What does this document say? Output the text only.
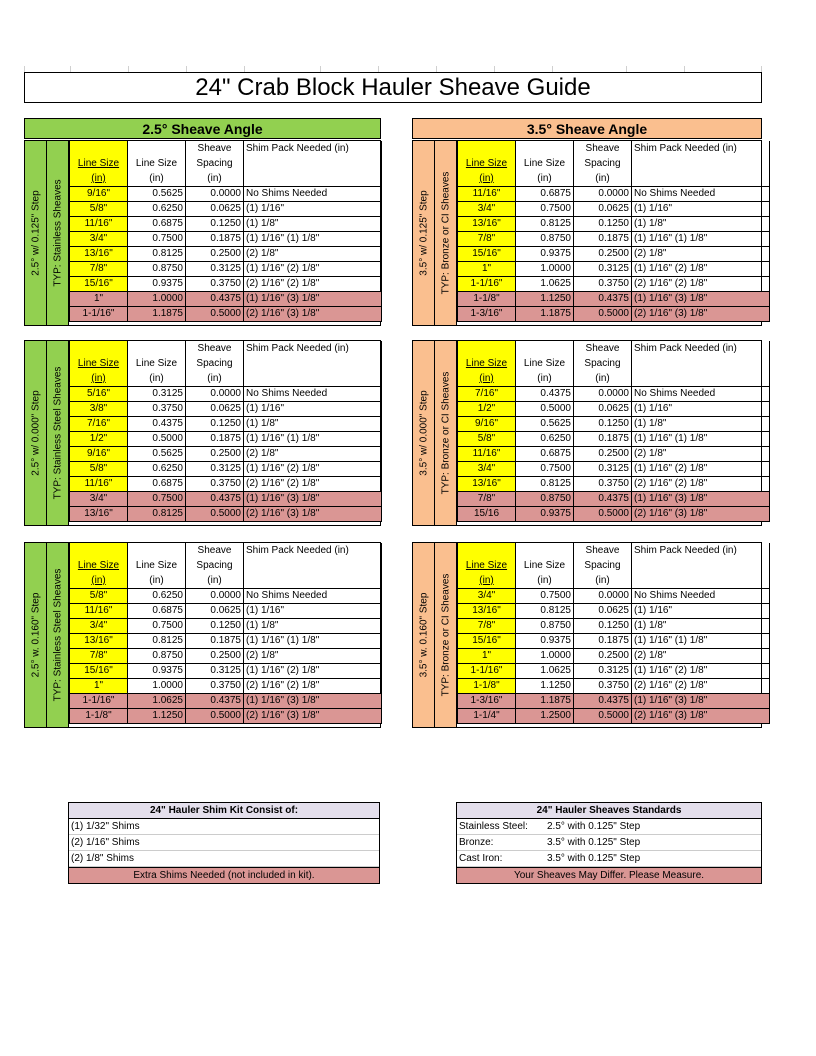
24" Crab Block Hauler Sheave Guide
2.5° Sheave Angle	3.5° Sheave Angle
2.5° w/ 0.125" Step TYP: Stainless Sheaves
		Sheave	Shim Pack Needed (in)
Line Size	Line Size	Spacing	
(in)	(in)	(in)	
9/16"	0.5625	0.0000	No Shims Needed
5/8"	0.6250	0.0625	(1) 1/16"
11/16"	0.6875	0.1250	(1) 1/8"
3/4"	0.7500	0.1875	(1) 1/16" (1) 1/8"
13/16"	0.8125	0.2500	(2) 1/8"
7/8"	0.8750	0.3125	(1) 1/16" (2) 1/8"
15/16"	0.9375	0.3750	(2) 1/16" (2) 1/8"
1"	1.0000	0.4375	(1) 1/16" (3) 1/8"
1-1/16"	1.1875	0.5000	(2) 1/16" (3) 1/8"
3.5° w/ 0.125" Step TYP: Bronze or CI Sheaves
		Sheave	Shim Pack Needed (in)
Line Size	Line Size	Spacing	
(in)	(in)	(in)	
11/16"	0.6875	0.0000	No Shims Needed
3/4"	0.7500	0.0625	(1) 1/16"
13/16"	0.8125	0.1250	(1) 1/8"
7/8"	0.8750	0.1875	(1) 1/16" (1) 1/8"
15/16"	0.9375	0.2500	(2) 1/8"
1"	1.0000	0.3125	(1) 1/16" (2) 1/8"
1-1/16"	1.0625	0.3750	(2) 1/16" (2) 1/8"
1-1/8"	1.1250	0.4375	(1) 1/16" (3) 1/8"
1-3/16"	1.1875	0.5000	(2) 1/16" (3) 1/8"
2.5° w/ 0.000" Step TYP: Stainless Steel Sheaves
		Sheave	Shim Pack Needed (in)
Line Size	Line Size	Spacing	
(in)	(in)	(in)	
5/16"	0.3125	0.0000	No Shims Needed
3/8"	0.3750	0.0625	(1) 1/16"
7/16"	0.4375	0.1250	(1) 1/8"
1/2"	0.5000	0.1875	(1) 1/16" (1) 1/8"
9/16"	0.5625	0.2500	(2) 1/8"
5/8"	0.6250	0.3125	(1) 1/16" (2) 1/8"
11/16"	0.6875	0.3750	(2) 1/16" (2) 1/8"
3/4"	0.7500	0.4375	(1) 1/16" (3) 1/8"
13/16"	0.8125	0.5000	(2) 1/16" (3) 1/8"
3.5° w/ 0.000" Step TYP: Bronze or CI Sheaves
		Sheave	Shim Pack Needed (in)
Line Size	Line Size	Spacing	
(in)	(in)	(in)	
7/16"	0.4375	0.0000	No Shims Needed
1/2"	0.5000	0.0625	(1) 1/16"
9/16"	0.5625	0.1250	(1) 1/8"
5/8"	0.6250	0.1875	(1) 1/16" (1) 1/8"
11/16"	0.6875	0.2500	(2) 1/8"
3/4"	0.7500	0.3125	(1) 1/16" (2) 1/8"
13/16"	0.8125	0.3750	(2) 1/16" (2) 1/8"
7/8"	0.8750	0.4375	(1) 1/16" (3) 1/8"
15/16	0.9375	0.5000	(2) 1/16" (3) 1/8"
2.5° w. 0.160" Step TYP: Stainless Steel Sheaves
		Sheave	Shim Pack Needed (in)
Line Size	Line Size	Spacing	
(in)	(in)	(in)	
5/8"	0.6250	0.0000	No Shims Needed
11/16"	0.6875	0.0625	(1) 1/16"
3/4"	0.7500	0.1250	(1) 1/8"
13/16"	0.8125	0.1875	(1) 1/16" (1) 1/8"
7/8"	0.8750	0.2500	(2) 1/8"
15/16"	0.9375	0.3125	(1) 1/16" (2) 1/8"
1"	1.0000	0.3750	(2) 1/16" (2) 1/8"
1-1/16"	1.0625	0.4375	(1) 1/16" (3) 1/8"
1-1/8"	1.1250	0.5000	(2) 1/16" (3) 1/8"
3.5° w. 0.160" Step TYP: Bronze or CI Sheaves
		Sheave	Shim Pack Needed (in)
Line Size	Line Size	Spacing	
(in)	(in)	(in)	
3/4"	0.7500	0.0000	No Shims Needed
13/16"	0.8125	0.0625	(1) 1/16"
7/8"	0.8750	0.1250	(1) 1/8"
15/16"	0.9375	0.1875	(1) 1/16" (1) 1/8"
1"	1.0000	0.2500	(2) 1/8"
1-1/16"	1.0625	0.3125	(1) 1/16" (2) 1/8"
1-1/8"	1.1250	0.3750	(2) 1/16" (2) 1/8"
1-3/16"	1.1875	0.4375	(1) 1/16" (3) 1/8"
1-1/4"	1.2500	0.5000	(2) 1/16" (3) 1/8"
24" Hauler Shim Kit Consist of:
(1) 1/32" Shims
(2) 1/16" Shims
(2) 1/8" Shims
Extra Shims Needed (not included in kit).
24" Hauler Sheaves Standards
Stainless Steel: 2.5° with 0.125" Step
Bronze:	3.5° with 0.125" Step
Cast Iron:	3.5° with 0.125" Step
Your Sheaves May Differ. Please Measure.
